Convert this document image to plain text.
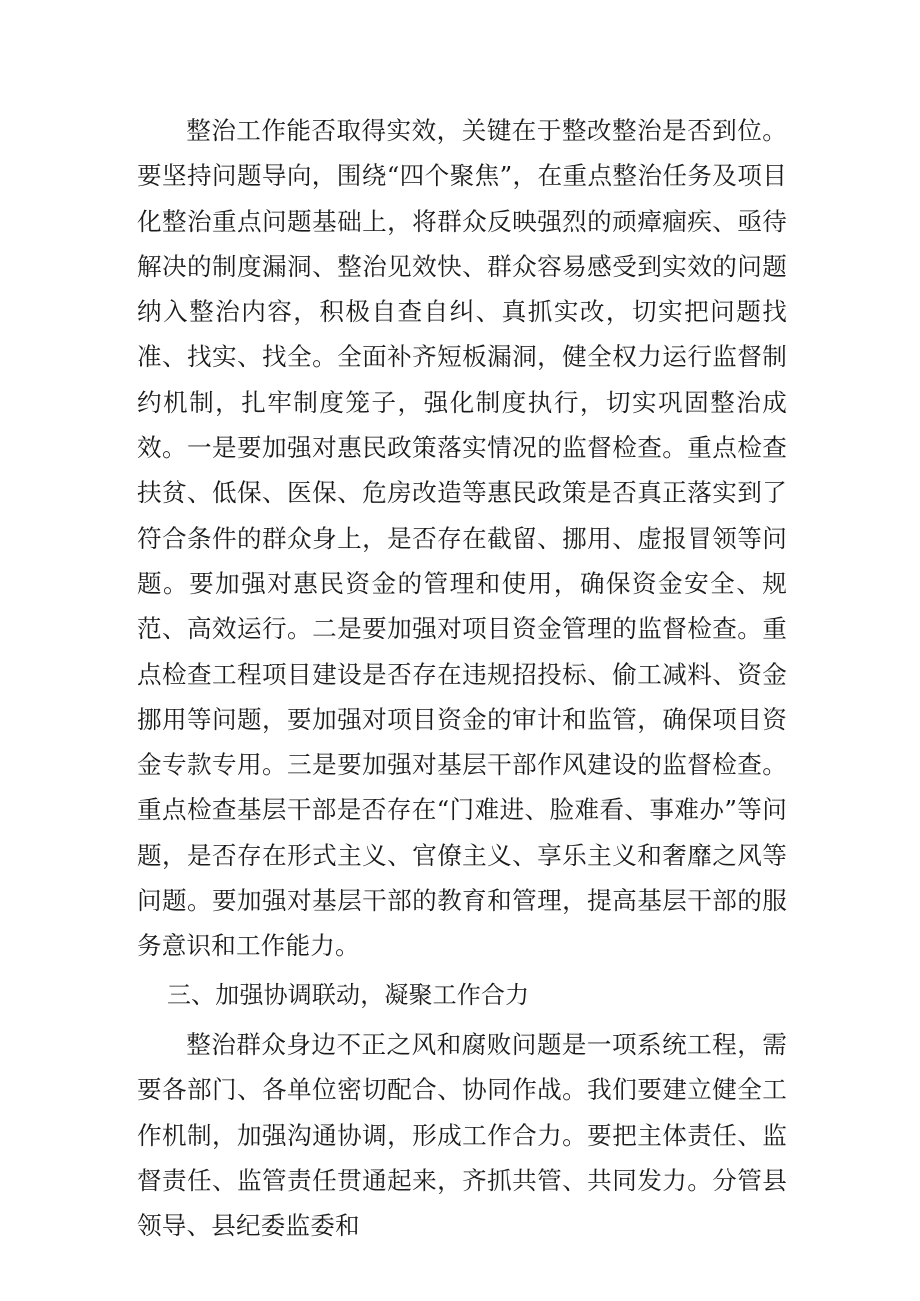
整治工作能否取得实效，关键在于整改整治是否到位。要坚持问题导向，围绕“四个聚焦”，在重点整治任务及项目化整治重点问题基础上，将群众反映强烈的顽瘴痼疾、亟待解决的制度漏洞、整治见效快、群众容易感受到实效的问题纳入整治内容，积极自查自纠、真抓实改，切实把问题找准、找实、找全。全面补齐短板漏洞，健全权力运行监督制约机制，扎牢制度笼子，强化制度执行，切实巩固整治成效。一是要加强对惠民政策落实情况的监督检查。重点检查扶贫、低保、医保、危房改造等惠民政策是否真正落实到了符合条件的群众身上，是否存在截留、挪用、虚报冒领等问题。要加强对惠民资金的管理和使用，确保资金安全、规范、高效运行。二是要加强对项目资金管理的监督检查。重点检查工程项目建设是否存在违规招投标、偷工减料、资金挪用等问题，要加强对项目资金的审计和监管，确保项目资金专款专用。三是要加强对基层干部作风建设的监督检查。重点检查基层干部是否存在“门难进、脸难看、事难办”等问题，是否存在形式主义、官僚主义、享乐主义和奢靡之风等问题。要加强对基层干部的教育和管理，提高基层干部的服务意识和工作能力。

三、加强协调联动，凝聚工作合力

整治群众身边不正之风和腐败问题是一项系统工程，需要各部门、各单位密切配合、协同作战。我们要建立健全工作机制，加强沟通协调，形成工作合力。要把主体责任、监督责任、监管责任贯通起来，齐抓共管、共同发力。分管县领导、县纪委监委和
